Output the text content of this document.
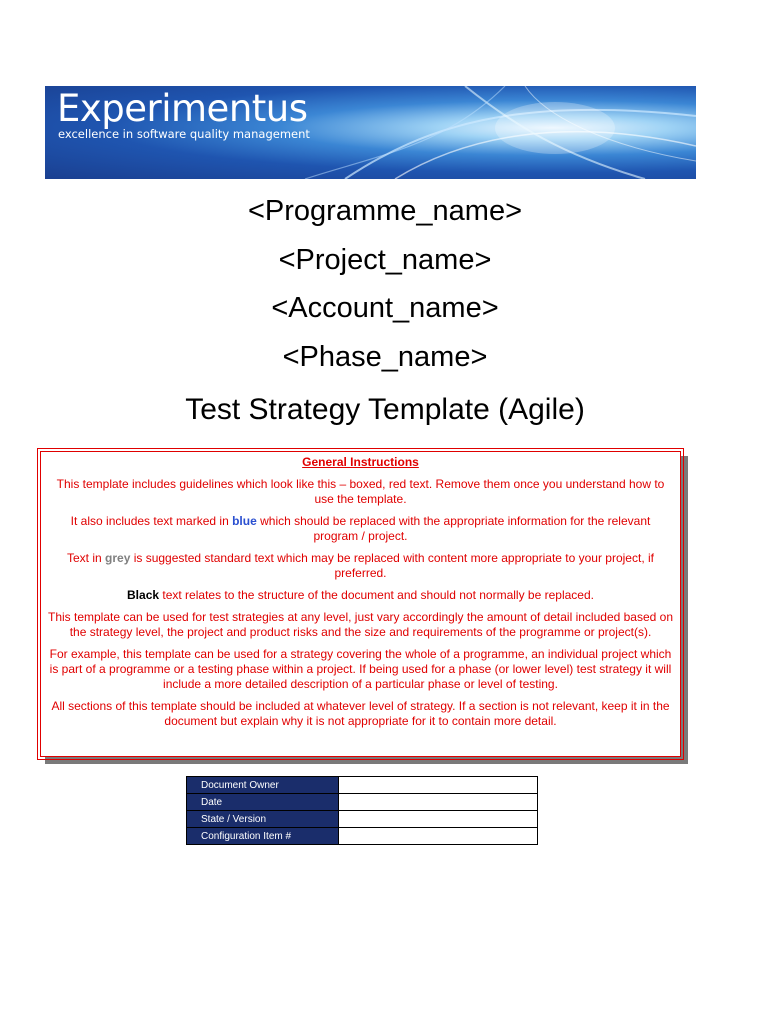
Experimentus
excellence in software quality management
<Programme_name>
<Project_name>
<Account_name>
<Phase_name>
Test Strategy Template (Agile)

General Instructions

This template includes guidelines which look like this – boxed, red text. Remove them once you understand how to use the template.

It also includes text marked in blue which should be replaced with the appropriate information for the relevant program / project.

Text in grey is suggested standard text which may be replaced with content more appropriate to your project, if preferred.

Black text relates to the structure of the document and should not normally be replaced.

This template can be used for test strategies at any level, just vary accordingly the amount of detail included based on the strategy level, the project and product risks and the size and requirements of the programme or project(s).

For example, this template can be used for a strategy covering the whole of a programme, an individual project which is part of a programme or a testing phase within a project. If being used for a phase (or lower level) test strategy it will include a more detailed description of a particular phase or level of testing.

All sections of this template should be included at whatever level of strategy. If a section is not relevant, keep it in the document but explain why it is not appropriate for it to contain more detail.

Document Owner	
Date	
State / Version	
Configuration Item #	
